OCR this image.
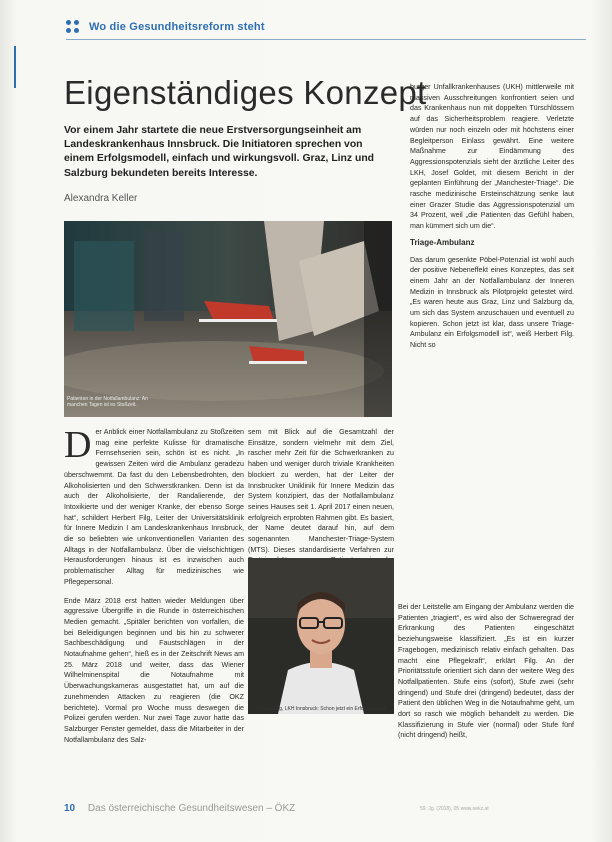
Wo die Gesundheitsreform steht
Eigenständiges Konzept

Vor einem Jahr startete die neue Erstversorgungseinheit am Landeskrankenhaus Innsbruck. Die Initiatoren sprechen von einem Erfolgsmodell, einfach und wirkungsvoll. Graz, Linz und Salzburg bekundeten bereits Interesse.

Alexandra Keller
Patienten in der Notfallambulanz: An manchen Tagen ist es Stoßzeit.
D er Anblick einer Notfallambulanz zu Stoßzeiten mag eine perfekte Kulisse für dramatische Fernsehserien sein, schön ist es nicht. „In gewissen Zeiten wird die Ambulanz geradezu überschwemmt. Da fast du den Lebensbedrohten, den Alkoholisierten und den Schwerstkranken. Denn ist da auch der Alkoholisierte, der Randalierende, der Intoxikierte und der weniger Kranke, der ebenso Sorge hat“, schildert Herbert Filg, Leiter der Universitätsklinik für Innere Medizin I am Landeskrankenhaus Innsbruck, die so beliebten wie unkonventionellen Varianten des Alltags in der Notfallambulanz. Über die vielschichtigen Herausforderungen hinaus ist es inzwischen auch problematischer Alltag für medizinisches wie Pflegepersonal.

Ende März 2018 erst hatten wieder Meldungen über aggressive Übergriffe in die Runde in österreichischen Medien gemacht. „Spitäler berichten von vorfallen, die bei Beleidigungen beginnen und bis hin zu schwerer Sachbeschädigung und Faustschlägen in der Notaufnahme gehen“, hieß es in der Zeitschrift News am 25. März 2018 und weiter, dass das Wiener Wilhelminenspital die Notaufnahme mit Überwachungskameras ausgestattet hat, um auf die zunehmenden Attacken zu reagieren (die OKZ berichtete). Vormal pro Woche muss deswegen die Polizei gerufen werden. Nur zwei Tage zuvor hatte das Salzburger Fenster gemeldet, dass die Mitarbeiter in der Notfallambulanz des Salz-

sem mit Blick auf die Gesamtzahl der Einsätze, sondern vielmehr mit dem Ziel, rascher mehr Zeit für die Schwerkranken zu haben und weniger durch triviale Krankheiten blockiert zu werden, hat der Leiter der Innsbrucker Uniklinik für Innere Medizin das System konzipiert, das der Notfallambulanz seines Hauses seit 1. April 2017 einen neuen, erfolgreich erprobten Rahmen gibt. Es basiert, der Name deutet darauf hin, auf dem sogenannten Manchester-Triage-System (MTS). Dieses standardisierte Verfahren zur

Herbert Filg, LKH Innsbruck: Schon jetzt ein Erfolgsmodell.

burger Unfallkrankenhauses (UKH) mittlerweile mit massiven Ausschreitungen konfrontiert seien und das Krankenhaus nun mit doppelten Türschlössern auf das Sicherheitsproblem reagiere. Verletzte würden nur noch einzeln oder mit höchstens einer Begleitperson Einlass gewährt. Eine weitere Maßnahme zur Eindämmung des Aggressionspotenzials sieht der ärztliche Leiter des LKH, Josef Goldet, mit diesem Bericht in der geplanten Einführung der „Manchester-Triage“. Die rasche medizinische Ersteinschätzung senke laut einer Grazer Studie das Aggressionspotenzial um 34 Prozent, weil „die Patienten das Gefühl haben, man kümmert sich um die“.

Triage-Ambulanz

Das darum gesenkte Pöbel-Potenzial ist wohl auch der positive Nebeneffekt eines Konzeptes, das seit einem Jahr an der Notfallambulanz der Inneren Medizin in Innsbruck als Pilotprojekt getestet wird. „Es waren heute aus Graz, Linz und Salzburg da, um sich das System anzuschauen und eventuell zu kopieren. Schon jetzt ist klar, dass unsere Triage-Ambulanz ein Erfolgsmodell ist“, weiß Herbert Filg. Nicht so

Bei der Leitstelle am Eingang der Ambulanz werden die Patienten „triagiert“, es wird also der Schweregrad der Erkrankung des Patienten eingeschätzt beziehungsweise klassifiziert. „Es ist ein kurzer Fragebogen, medizinisch relativ einfach gehalten. Das macht eine Pflegekraft“, erklärt Filg. An der Prioritätsstufe orientiert sich dann der weitere Weg des Notfallpatienten. Stufe eins (sofort), Stufe zwei (sehr dringend) und Stufe drei (dringend) bedeutet, dass der Patient den üblichen Weg in die Notaufnahme geht, um dort so rasch wie möglich behandelt zu werden. Die Klassifizierung in Stufe vier (normal) oder Stufe fünf (nicht dringend) heißt,

10 Das österreichische Gesundheitswesen – ÖKZ	59. Jg. (2018), 05 www.oekz.at
